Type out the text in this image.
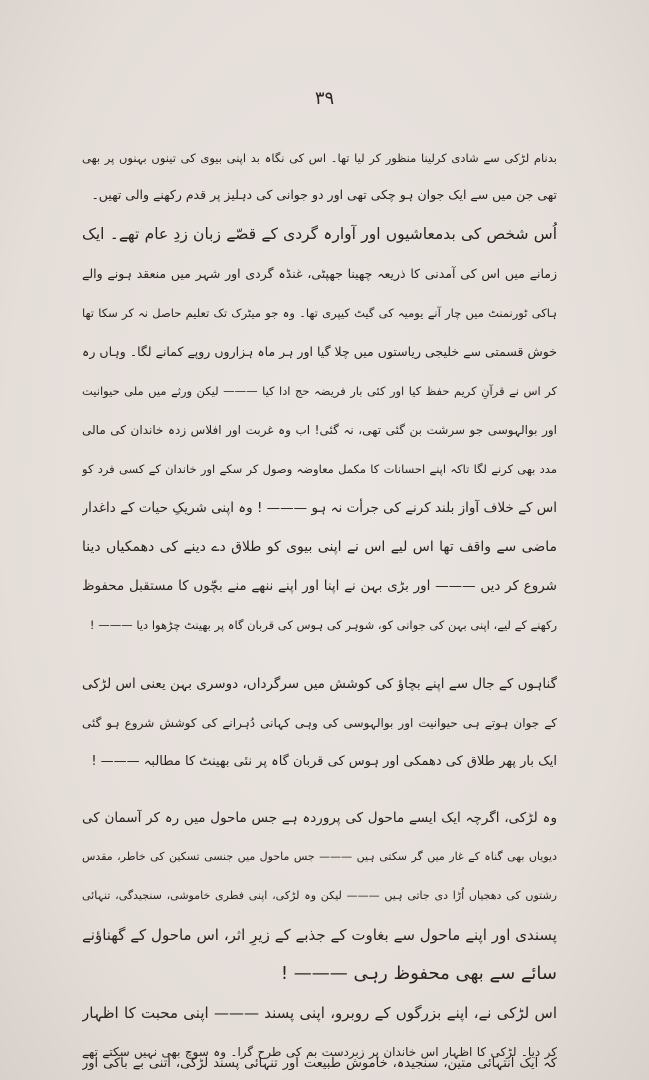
٣٩
بدنام لڑکی سے شادی کرلینا منظور کر لیا تھا۔ اس کی نگاہ بد اپنی بیوی کی تینوں بہنوں پر بھی
تھی جن میں سے ایک جوان ہو چکی تھی اور دو جوانی کی دہلیز پر قدم رکھنے والی تھیں۔
اُس شخص کی بدمعاشیوں اور آوارہ گردی کے قصّے زبان زدِ عام تھے۔ ایک
زمانے میں اس کی آمدنی کا ذریعہ چھینا جھپٹی، غنڈہ گردی اور شہر میں منعقد ہونے والے
ہاکی ٹورنمنٹ میں چار آنے یومیہ کی گیٹ کیپری تھا۔ وہ جو میٹرک تک تعلیم حاصل نہ کر سکا تھا
خوش قسمتی سے خلیجی ریاستوں میں چلا گیا اور ہر ماہ ہزاروں روپے کمانے لگا۔ وہاں رہ
کر اس نے قرآنِ کریم حفظ کیا اور کئی بار فریضہ حج ادا کیا ——— لیکن ورثے میں ملی حیوانیت
اور بوالہوسی جو سرشت بن گئی تھی، نہ گئی! اب وہ غربت اور افلاس زدہ خاندان کی مالی
مدد بھی کرنے لگا تاکہ اپنے احسانات کا مکمل معاوضہ وصول کر سکے اور خاندان کے کسی فرد کو
اس کے خلاف آواز بلند کرنے کی جرأت نہ ہو ——— ! وہ اپنی شریکِ حیات کے داغدار
ماضی سے واقف تھا اس لیے اس نے اپنی بیوی کو طلاق دے دینے کی دھمکیاں دینا
شروع کر دیں ——— اور بڑی بہن نے اپنا اور اپنے ننھے منے بچّوں کا مستقبل محفوظ
رکھنے کے لیے، اپنی بہن کی جوانی کو، شوہر کی ہوس کی قربان گاہ پر بھینٹ چڑھوا دیا ——— !
گناہوں کے جال سے اپنے بچاؤ کی کوشش میں سرگرداں، دوسری بہن یعنی اس لڑکی
کے جوان ہوتے ہی حیوانیت اور بوالہوسی کی وہی کہانی دُہرانے کی کوشش شروع ہو گئی
ایک بار پھر طلاق کی دھمکی اور ہوس کی قربان گاہ پر نئی بھینٹ کا مطالبہ ——— !
وہ لڑکی، اگرچہ ایک ایسے ماحول کی پروردہ ہے جس ماحول میں رہ کر آسمان کی
دیویاں بھی گناہ کے غار میں گر سکتی ہیں ——— جس ماحول میں جنسی تسکین کی خاطر، مقدس
رشتوں کی دھجیاں اُڑا دی جاتی ہیں ——— لیکن وہ لڑکی، اپنی فطری خاموشی، سنجیدگی، تنہائی
پسندی اور اپنے ماحول سے بغاوت کے جذبے کے زیرِ اثر، اس ماحول کے گھناؤنے
سائے سے بھی محفوظ رہی ——— !
اس لڑکی نے، اپنے بزرگوں کے روبرو، اپنی پسند ——— اپنی محبت کا اظہار
کر دیا۔ لڑکی کا اظہار اس خاندان پر زبردست بم کی طرح گرا۔ وہ سوچ بھی نہیں سکتے تھے
کہ ایک انتہائی متین، سنجیدہ، خاموش طبیعت اور تنہائی پسند لڑکی، اتنی بے باکی اور
